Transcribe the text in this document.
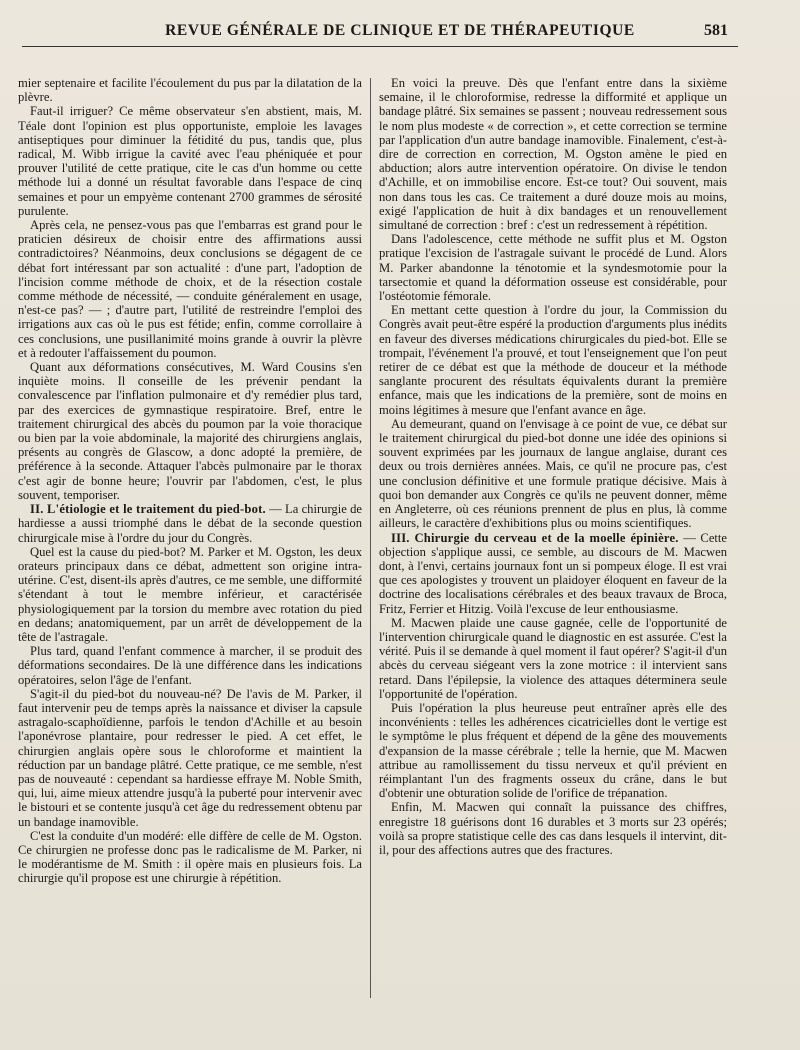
REVUE GÉNÉRALE DE CLINIQUE ET DE THÉRAPEUTIQUE	581

mier septenaire et facilite l'écoulement du pus par la dilatation de la plèvre.

Faut-il irriguer? Ce même observateur s'en abstient, mais, M. Téale dont l'opinion est plus opportuniste, emploie les lavages antiseptiques pour diminuer la fétidité du pus, tandis que, plus radical, M. Wibb irrigue la cavité avec l'eau phéniquée et pour prouver l'utilité de cette pratique, cite le cas d'un homme ou cette méthode lui a donné un résultat favorable dans l'espace de cinq semaines et pour un empyème contenant 2700 grammes de sérosité purulente.

Après cela, ne pensez-vous pas que l'embarras est grand pour le praticien désireux de choisir entre des affirmations aussi contradictoires? Néanmoins, deux conclusions se dégagent de ce débat fort intéressant par son actualité : d'une part, l'adoption de l'incision comme méthode de choix, et de la résection costale comme méthode de nécessité, — conduite généralement en usage, n'est-ce pas? — ; d'autre part, l'utilité de restreindre l'emploi des irrigations aux cas où le pus est fétide; enfin, comme corrollaire à ces conclusions, une pusillanimité moins grande à ouvrir la plèvre et à redouter l'affaissement du poumon.

Quant aux déformations consécutives, M. Ward Cousins s'en inquiète moins. Il conseille de les prévenir pendant la convalescence par l'inflation pulmonaire et d'y remédier plus tard, par des exercices de gymnastique respiratoire. Bref, entre le traitement chirurgical des abcès du poumon par la voie thoracique ou bien par la voie abdominale, la majorité des chirurgiens anglais, présents au congrès de Glascow, a donc adopté la première, de préférence à la seconde. Attaquer l'abcès pulmonaire par le thorax c'est agir de bonne heure; l'ouvrir par l'abdomen, c'est, le plus souvent, temporiser.

II. L'étiologie et le traitement du pied-bot. — La chirurgie de hardiesse a aussi triomphé dans le débat de la seconde question chirurgicale mise à l'ordre du jour du Congrès.

Quel est la cause du pied-bot? M. Parker et M. Ogston, les deux orateurs principaux dans ce débat, admettent son origine intra-utérine. C'est, disent-ils après d'autres, ce me semble, une difformité s'étendant à tout le membre inférieur, et caractérisée physiologiquement par la torsion du membre avec rotation du pied en dedans; anatomiquement, par un arrêt de développement de la tête de l'astragale.

Plus tard, quand l'enfant commence à marcher, il se produit des déformations secondaires. De là une différence dans les indications opératoires, selon l'âge de l'enfant.

S'agit-il du pied-bot du nouveau-né? De l'avis de M. Parker, il faut intervenir peu de temps après la naissance et diviser la capsule astragalo-scaphoïdienne, parfois le tendon d'Achille et au besoin l'aponévrose plantaire, pour redresser le pied. A cet effet, le chirurgien anglais opère sous le chloroforme et maintient la réduction par un bandage plâtré. Cette pratique, ce me semble, n'est pas de nouveauté : cependant sa hardiesse effraye M. Noble Smith, qui, lui, aime mieux attendre jusqu'à la puberté pour intervenir avec le bistouri et se contente jusqu'à cet âge du redressement obtenu par un bandage inamovible.

C'est la conduite d'un modéré: elle diffère de celle de M. Ogston. Ce chirurgien ne professe donc pas le radicalisme de M. Parker, ni le modérantisme de M. Smith : il opère mais en plusieurs fois. La chirurgie qu'il propose est une chirurgie à répétition.

En voici la preuve. Dès que l'enfant entre dans la sixième semaine, il le chloroformise, redresse la difformité et applique un bandage plâtré. Six semaines se passent ; nouveau redressement sous le nom plus modeste « de correction », et cette correction se termine par l'application d'un autre bandage inamovible. Finalement, c'est-à-dire de correction en correction, M. Ogston amène le pied en abduction; alors autre intervention opératoire. On divise le tendon d'Achille, et on immobilise encore. Est-ce tout? Oui souvent, mais non dans tous les cas. Ce traitement a duré douze mois au moins, exigé l'application de huit à dix bandages et un renouvellement simultané de correction : bref : c'est un redressement à répétition.

Dans l'adolescence, cette méthode ne suffit plus et M. Ogston pratique l'excision de l'astragale suivant le procédé de Lund. Alors M. Parker abandonne la ténotomie et la syndesmotomie pour la tarsectomie et quand la déformation osseuse est considérable, pour l'ostéotomie fémorale.

En mettant cette question à l'ordre du jour, la Commission du Congrès avait peut-être espéré la production d'arguments plus inédits en faveur des diverses médications chirurgicales du pied-bot. Elle se trompait, l'événement l'a prouvé, et tout l'enseignement que l'on peut retirer de ce débat est que la méthode de douceur et la méthode sanglante procurent des résultats équivalents durant la première enfance, mais que les indications de la première, sont de moins en moins légitimes à mesure que l'enfant avance en âge.

Au demeurant, quand on l'envisage à ce point de vue, ce débat sur le traitement chirurgical du pied-bot donne une idée des opinions si souvent exprimées par les journaux de langue anglaise, durant ces deux ou trois dernières années. Mais, ce qu'il ne procure pas, c'est une conclusion définitive et une formule pratique décisive. Mais à quoi bon demander aux Congrès ce qu'ils ne peuvent donner, même en Angleterre, où ces réunions prennent de plus en plus, là comme ailleurs, le caractère d'exhibitions plus ou moins scientifiques.

III. Chirurgie du cerveau et de la moelle épinière. — Cette objection s'applique aussi, ce semble, au discours de M. Macwen dont, à l'envi, certains journaux font un si pompeux éloge. Il est vrai que ces apologistes y trouvent un plaidoyer éloquent en faveur de la doctrine des localisations cérébrales et des beaux travaux de Broca, Fritz, Ferrier et Hitzig. Voilà l'excuse de leur enthousiasme.

M. Macwen plaide une cause gagnée, celle de l'opportunité de l'intervention chirurgicale quand le diagnostic en est assurée. C'est la vérité. Puis il se demande à quel moment il faut opérer? S'agit-il d'un abcès du cerveau siégeant vers la zone motrice : il intervient sans retard. Dans l'épilepsie, la violence des attaques déterminera seule l'opportunité de l'opération.

Puis l'opération la plus heureuse peut entraîner après elle des inconvénients : telles les adhérences cicatricielles dont le vertige est le symptôme le plus fréquent et dépend de la gêne des mouvements d'expansion de la masse cérébrale ; telle la hernie, que M. Macwen attribue au ramollissement du tissu nerveux et qu'il prévient en réimplantant l'un des fragments osseux du crâne, dans le but d'obtenir une obturation solide de l'orifice de trépanation.

Enfin, M. Macwen qui connaît la puissance des chiffres, enregistre 18 guérisons dont 16 durables et 3 morts sur 23 opérés; voilà sa propre statistique celle des cas dans lesquels il intervint, dit-il, pour des affections autres que des fractures.
